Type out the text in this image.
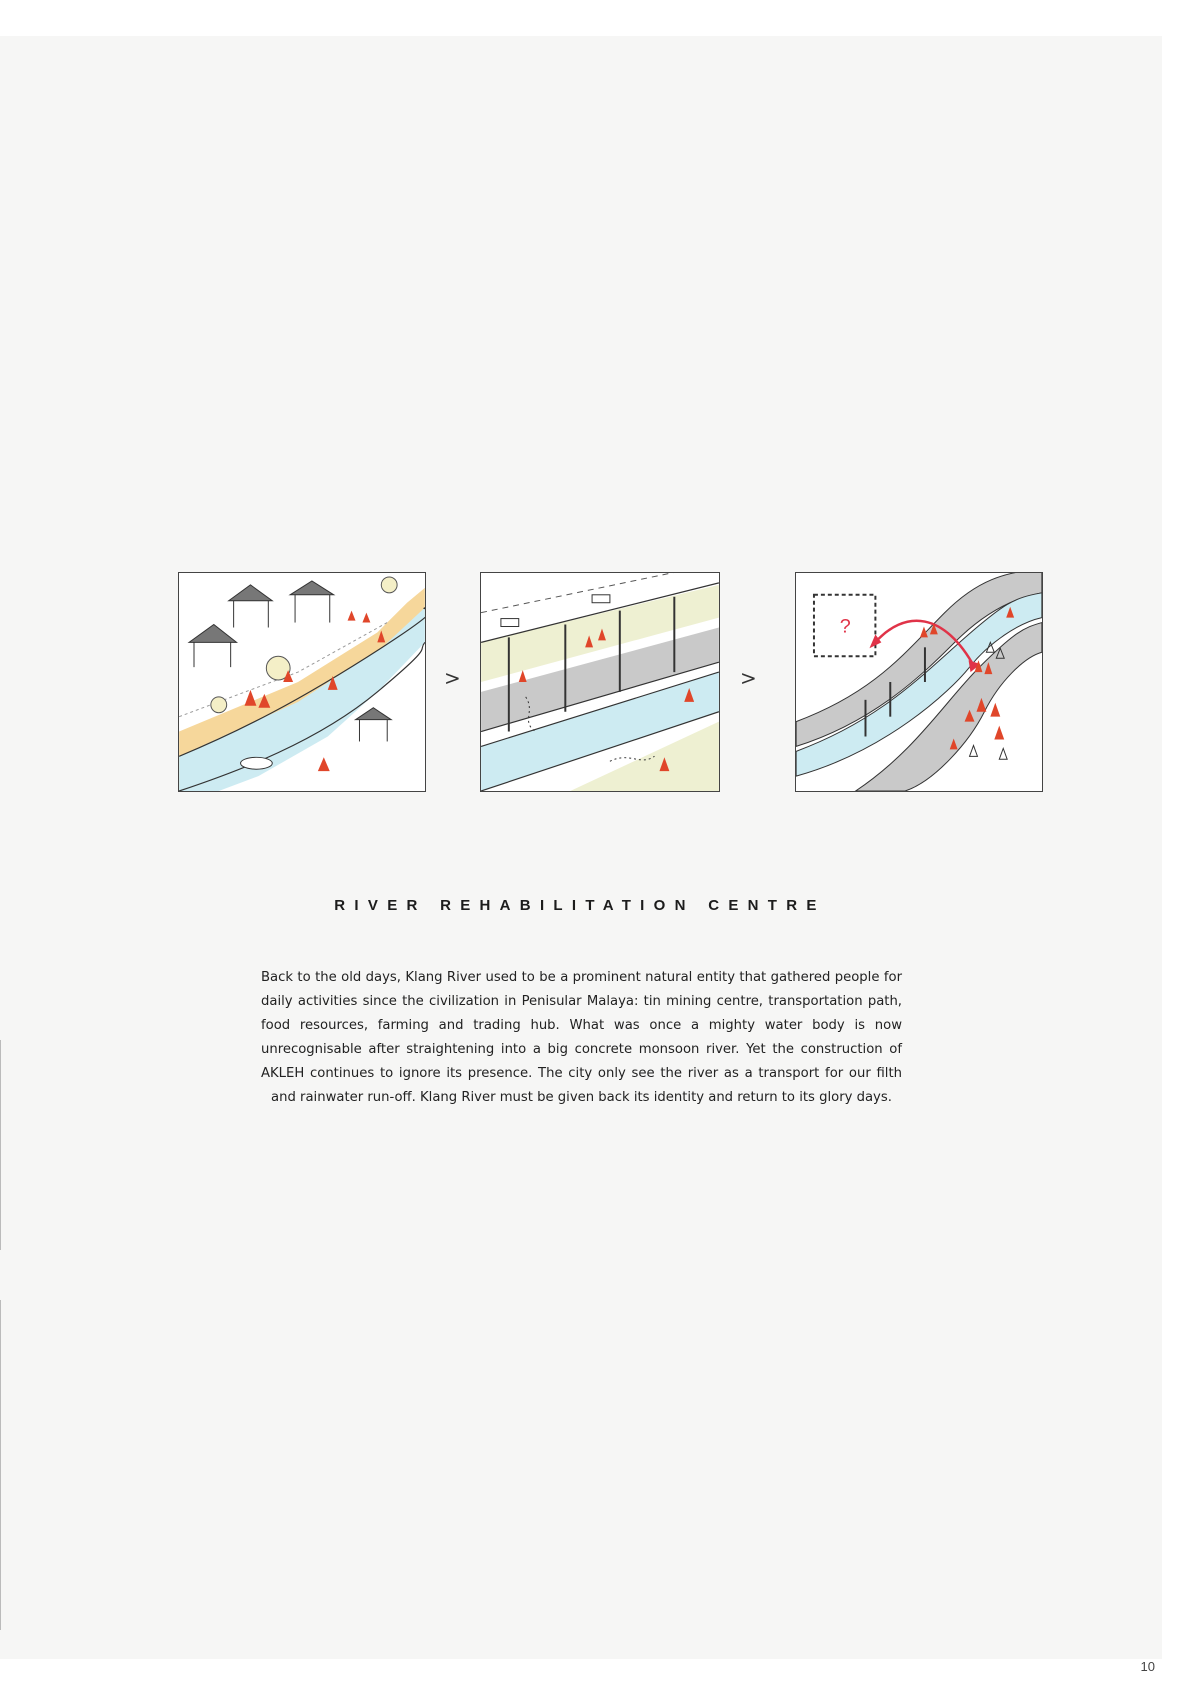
>	>
?
RIVER REHABILITATION CENTRE

Back to the old days, Klang River used to be a prominent natural entity that gathered people for daily activities since the civilization in Penisular Malaya: tin mining centre, transportation path, food resources, farming and trading hub. What was once a mighty water body is now unrecognisable after straightening into a big concrete monsoon river. Yet the construction of AKLEH continues to ignore its presence. The city only see the river as a transport for our filth and rainwater run-off. Klang River must be given back its identity and return to its glory days.

10
